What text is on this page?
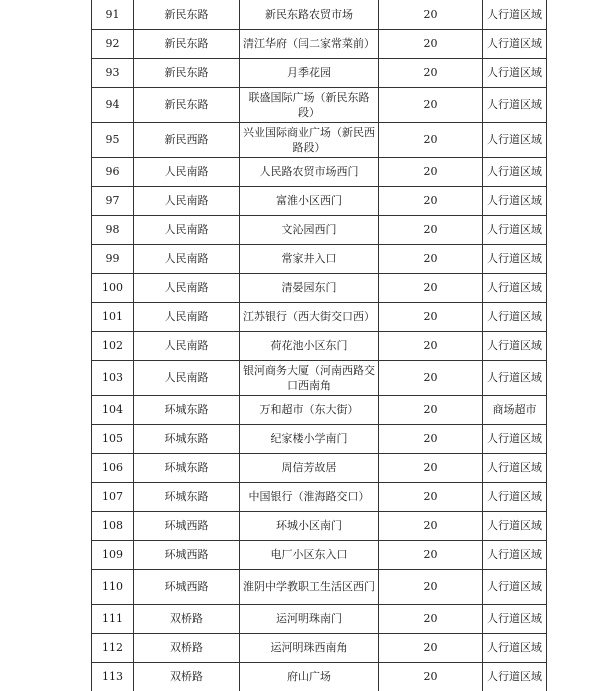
91	新民东路	新民东路农贸市场	20	人行道区域
92	新民东路	清江华府（闫二家常菜前）	20	人行道区域
93	新民东路	月季花园	20	人行道区域
94	新民东路	联盛国际广场（新民东路段）	20	人行道区域
95	新民西路	兴业国际商业广场（新民西路段）	20	人行道区域
96	人民南路	人民路农贸市场西门	20	人行道区域
97	人民南路	富淮小区西门	20	人行道区域
98	人民南路	文沁园西门	20	人行道区域
99	人民南路	常家井入口	20	人行道区域
100	人民南路	清晏园东门	20	人行道区域
101	人民南路	江苏银行（西大街交口西）	20	人行道区域
102	人民南路	荷花池小区东门	20	人行道区域
103	人民南路	银河商务大厦（河南西路交口西南角	20	人行道区域
104	环城东路	万和超市（东大街）	20	商场超市
105	环城东路	纪家楼小学南门	20	人行道区域
106	环城东路	周信芳故居	20	人行道区域
107	环城东路	中国银行（淮海路交口）	20	人行道区域
108	环城西路	环城小区南门	20	人行道区域
109	环城西路	电厂小区东入口	20	人行道区域
110	环城西路	淮阴中学教职工生活区西门	20	人行道区域
111	双桥路	运河明珠南门	20	人行道区域
112	双桥路	运河明珠西南角	20	人行道区域
113	双桥路	府山广场	20	人行道区域
